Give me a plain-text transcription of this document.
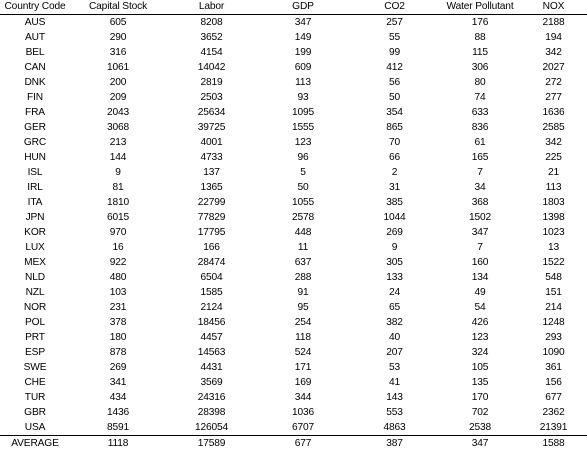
Country Code	Capital Stock	Labor	GDP	CO2	Water Pollutant	NOX
AUS	605	8208	347	257	176	2188
AUT	290	3652	149	55	88	194
BEL	316	4154	199	99	115	342
CAN	1061	14042	609	412	306	2027
DNK	200	2819	113	56	80	272
FIN	209	2503	93	50	74	277
FRA	2043	25634	1095	354	633	1636
GER	3068	39725	1555	865	836	2585
GRC	213	4001	123	70	61	342
HUN	144	4733	96	66	165	225
ISL	9	137	5	2	7	21
IRL	81	1365	50	31	34	113
ITA	1810	22799	1055	385	368	1803
JPN	6015	77829	2578	1044	1502	1398
KOR	970	17795	448	269	347	1023
LUX	16	166	11	9	7	13
MEX	922	28474	637	305	160	1522
NLD	480	6504	288	133	134	548
NZL	103	1585	91	24	49	151
NOR	231	2124	95	65	54	214
POL	378	18456	254	382	426	1248
PRT	180	4457	118	40	123	293
ESP	878	14563	524	207	324	1090
SWE	269	4431	171	53	105	361
CHE	341	3569	169	41	135	156
TUR	434	24316	344	143	170	677
GBR	1436	28398	1036	553	702	2362
USA	8591	126054	6707	4863	2538	21391
AVERAGE	1118	17589	677	387	347	1588
